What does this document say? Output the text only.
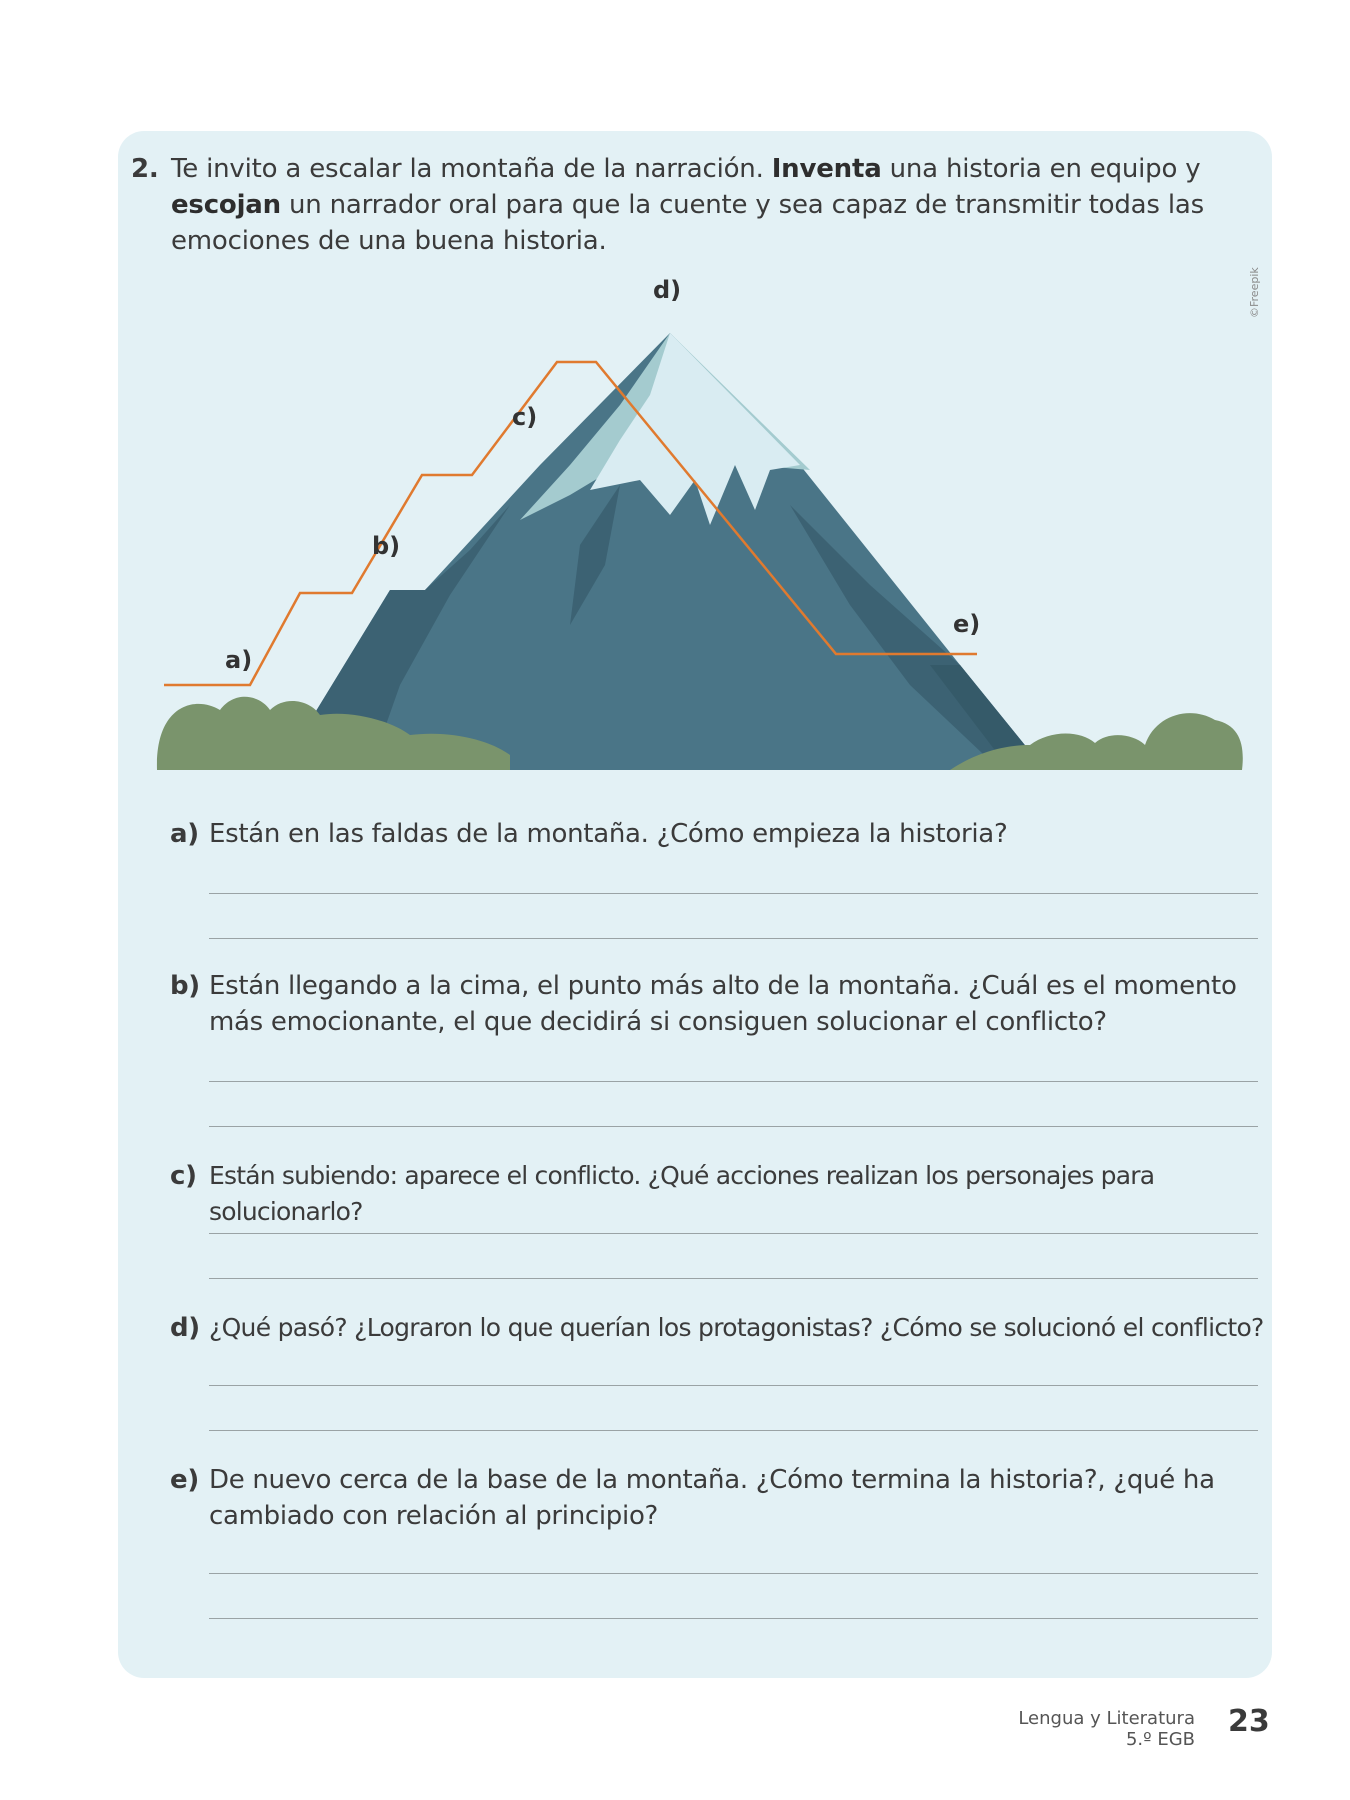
2. Te invito a escalar la montaña de la narración. Inventa una historia en equipo y escojan un narrador oral para que la cuente y sea capaz de transmitir todas las emociones de una buena historia.
©Freepik
a)
b)
c)
d)
e)
a) Están en las faldas de la montaña. ¿Cómo empieza la historia?
b) Están llegando a la cima, el punto más alto de la montaña. ¿Cuál es el momento más emocionante, el que decidirá si consiguen solucionar el conflicto?
c) Están subiendo: aparece el conflicto. ¿Qué acciones realizan los personajes para solucionarlo?
d) ¿Qué pasó? ¿Lograron lo que querían los protagonistas? ¿Cómo se solucionó el conflicto?
e) De nuevo cerca de la base de la montaña. ¿Cómo termina la historia?, ¿qué ha cambiado con relación al principio?
Lengua y Literatura
5.º EGB
23
